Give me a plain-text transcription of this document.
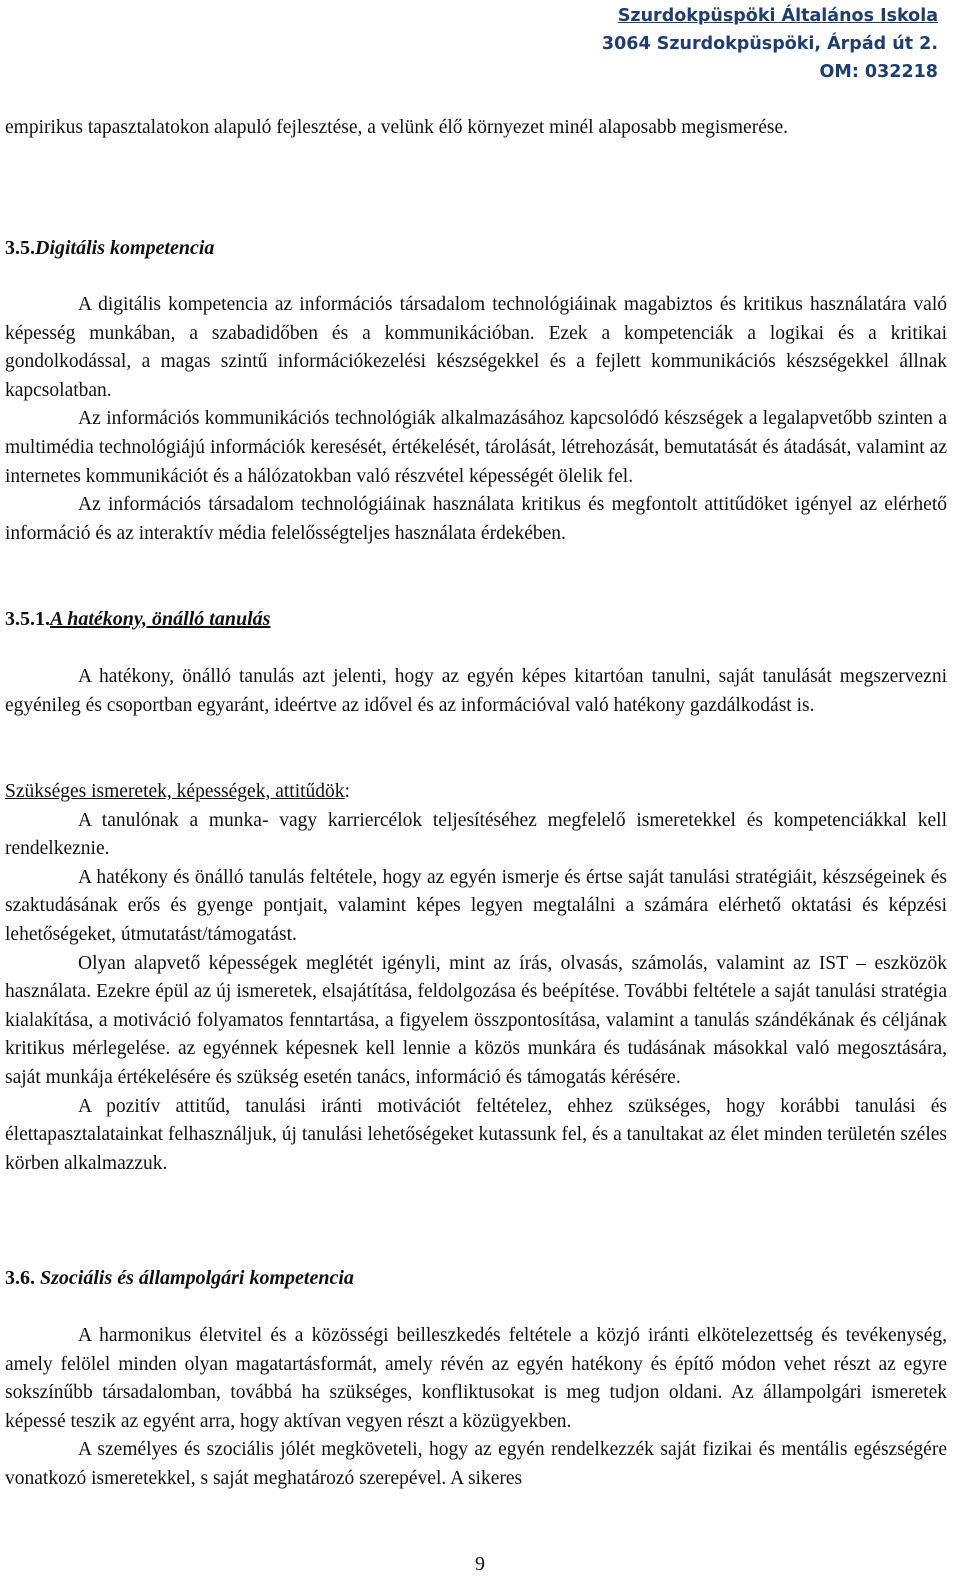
Szurdokpüspöki Általános Iskola
3064 Szurdokpüspöki, Árpád út 2.
OM: 032218

empirikus tapasztalatokon alapuló fejlesztése, a velünk élő környezet minél alaposabb megismerése.

3.5.Digitális kompetencia

A digitális kompetencia az információs társadalom technológiáinak magabiztos és kritikus használatára való képesség munkában, a szabadidőben és a kommunikációban. Ezek a kompetenciák a logikai és a kritikai gondolkodással, a magas szintű információkezelési készségekkel és a fejlett kommunikációs készségekkel állnak kapcsolatban.

Az információs kommunikációs technológiák alkalmazásához kapcsolódó készségek a legalapvetőbb szinten a multimédia technológiájú információk keresését, értékelését, tárolását, létrehozását, bemutatását és átadását, valamint az internetes kommunikációt és a hálózatokban való részvétel képességét ölelik fel.

Az információs társadalom technológiáinak használata kritikus és megfontolt attitűdöket igényel az elérhető információ és az interaktív média felelősségteljes használata érdekében.

3.5.1.A hatékony, önálló tanulás

A hatékony, önálló tanulás azt jelenti, hogy az egyén képes kitartóan tanulni, saját tanulását megszervezni egyénileg és csoportban egyaránt, ideértve az idővel és az információval való hatékony gazdálkodást is.

Szükséges ismeretek, képességek, attitűdök:

A tanulónak a munka- vagy karriercélok teljesítéséhez megfelelő ismeretekkel és kompetenciákkal kell rendelkeznie.

A hatékony és önálló tanulás feltétele, hogy az egyén ismerje és értse saját tanulási stratégiáit, készségeinek és szaktudásának erős és gyenge pontjait, valamint képes legyen megtalálni a számára elérhető oktatási és képzési lehetőségeket, útmutatást/támogatást.

Olyan alapvető képességek meglétét igényli, mint az írás, olvasás, számolás, valamint az IST – eszközök használata. Ezekre épül az új ismeretek, elsajátítása, feldolgozása és beépítése. További feltétele a saját tanulási stratégia kialakítása, a motiváció folyamatos fenntartása, a figyelem összpontosítása, valamint a tanulás szándékának és céljának kritikus mérlegelése. az egyénnek képesnek kell lennie a közös munkára és tudásának másokkal való megosztására, saját munkája értékelésére és szükség esetén tanács, információ és támogatás kérésére.

A pozitív attitűd, tanulási iránti motivációt feltételez, ehhez szükséges, hogy korábbi tanulási és élettapasztalatainkat felhasználjuk, új tanulási lehetőségeket kutassunk fel, és a tanultakat az élet minden területén széles körben alkalmazzuk.

3.6. Szociális és állampolgári kompetencia

A harmonikus életvitel és a közösségi beilleszkedés feltétele a közjó iránti elkötelezettség és tevékenység, amely felölel minden olyan magatartásformát, amely révén az egyén hatékony és építő módon vehet részt az egyre sokszínűbb társadalomban, továbbá ha szükséges, konfliktusokat is meg tudjon oldani. Az állampolgári ismeretek képessé teszik az egyént arra, hogy aktívan vegyen részt a közügyekben.

A személyes és szociális jólét megköveteli, hogy az egyén rendelkezzék saját fizikai és mentális egészségére vonatkozó ismeretekkel, s saját meghatározó szerepével. A sikeres

9
